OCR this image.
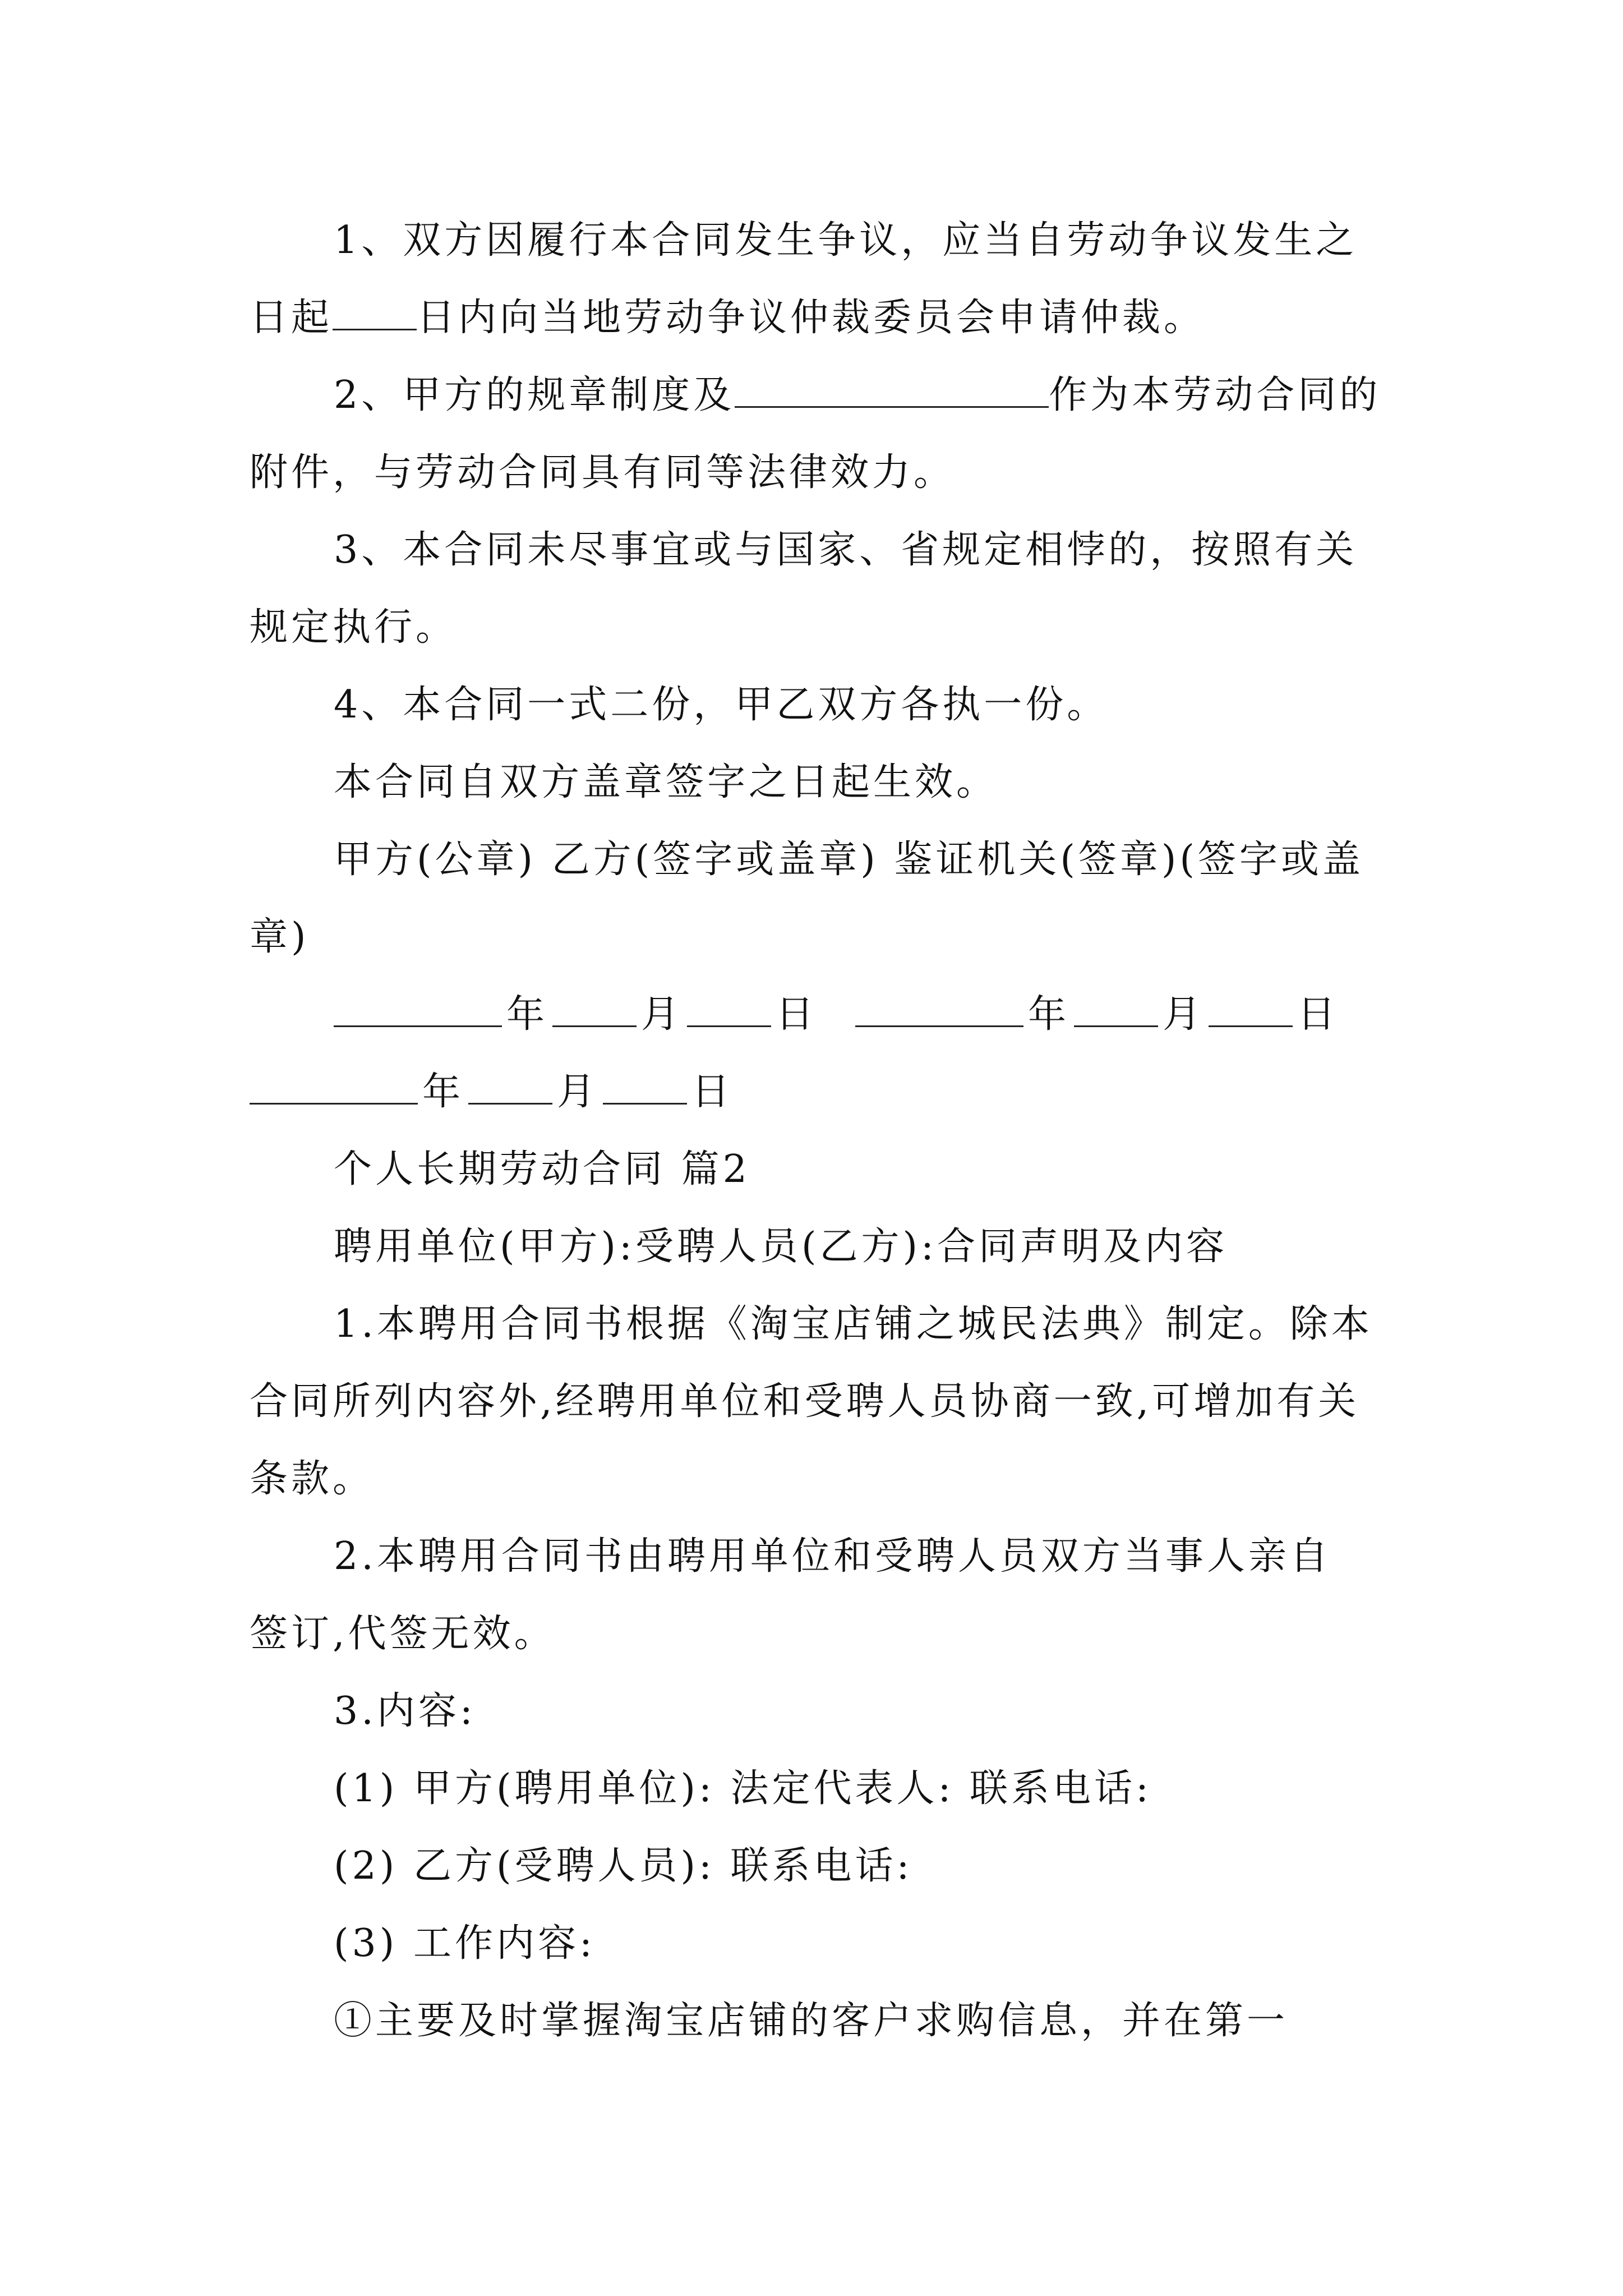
1、双方因履行本合同发生争议，应当自劳动争议发生之日起 日内向当地劳动争议仲裁委员会申请仲裁。

2、甲方的规章制度及	作为本劳动合同的附件，与劳动合同具有同等法律效力。

3、本合同未尽事宜或与国家、省规定相悖的，按照有关规定执行。

4、本合同一式二份，甲乙双方各执一份。

本合同自双方盖章签字之日起生效。

甲方(公章) 乙方(签字或盖章) 鉴证机关(签章)(签字或盖章)

年 月 日	年 月 日

年 月 日

个人长期劳动合同 篇2

聘用单位(甲方):受聘人员(乙方):合同声明及内容

1.本聘用合同书根据《淘宝店铺之城民法典》制定。除本合同所列内容外,经聘用单位和受聘人员协商一致,可增加有关条款。

2.本聘用合同书由聘用单位和受聘人员双方当事人亲自 签订,代签无效。

3.内容:

(1) 甲方(聘用单位): 法定代表人: 联系电话:

(2) 乙方(受聘人员): 联系电话:

(3) 工作内容:

①主要及时掌握淘宝店铺的客户求购信息，并在第一
